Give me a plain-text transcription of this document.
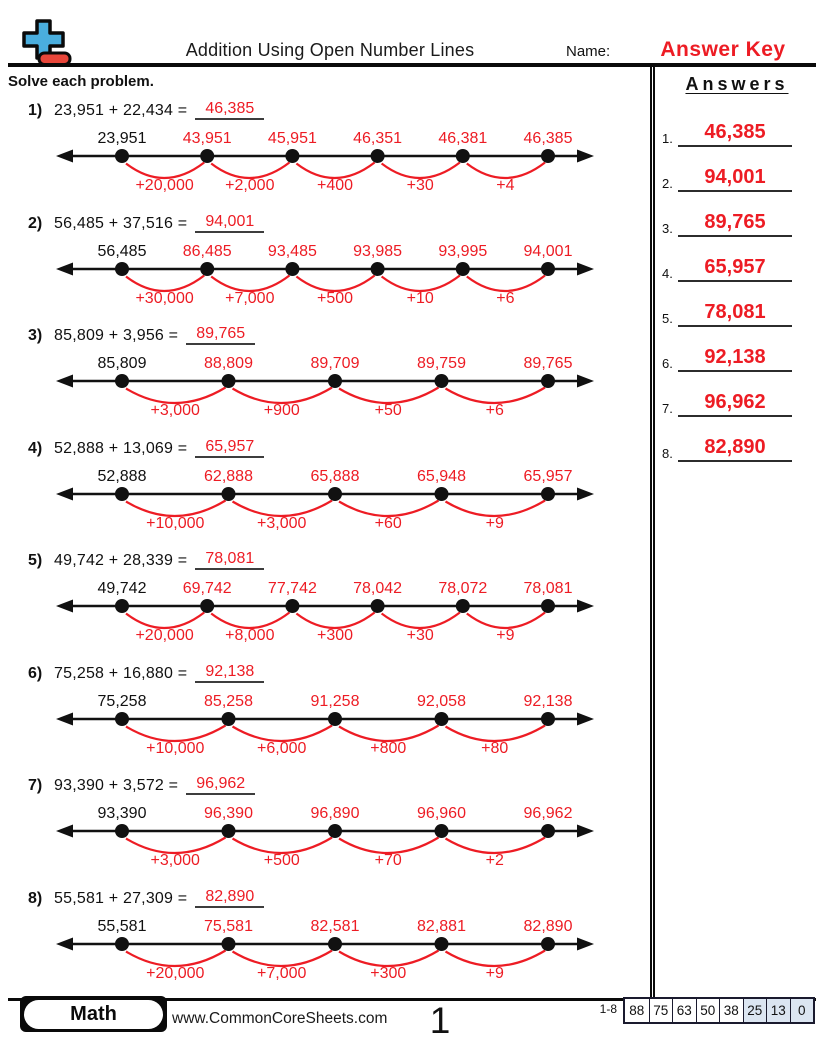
Addition Using Open Number Lines	Name:	Answer Key
Solve each problem.
1) 23,951 + 22,434 =	46,385
+20,000 +2,000	+400	+30	+4
23,951 43,951 45,951 46,351 46,381 46,385
2) 56,485 + 37,516 =	94,001
+30,000 +7,000	+500	+10	+6
56,485 86,485 93,485 93,985 93,995 94,001
3) 85,809 + 3,956 =	89,765
+3,000	+900	+50	+6
85,809	88,809	89,709	89,759	89,765
4) 52,888 + 13,069 =	65,957
+10,000	+3,000	+60	+9
52,888	62,888	65,888	65,948	65,957
5) 49,742 + 28,339 =	78,081
+20,000 +8,000	+300	+30	+9
49,742 69,742 77,742 78,042 78,072 78,081
6) 75,258 + 16,880 =	92,138
+10,000	+6,000	+800	+80
75,258	85,258	91,258	92,058	92,138
7) 93,390 + 3,572 =	96,962
+3,000	+500	+70	+2
93,390	96,390	96,890	96,960	96,962
8) 55,581 + 27,309 =	82,890
+20,000	+7,000	+300	+9
55,581	75,581	82,581	82,881	82,890
Answers
1.	46,385
2.	94,001
3.	89,765
4.	65,957
5.	78,081
6.	92,138
7.	96,962
8.	82,890
Math	www.CommonCoreSheets.com	1	1-8 88 75 63 50 38 25 13 0
